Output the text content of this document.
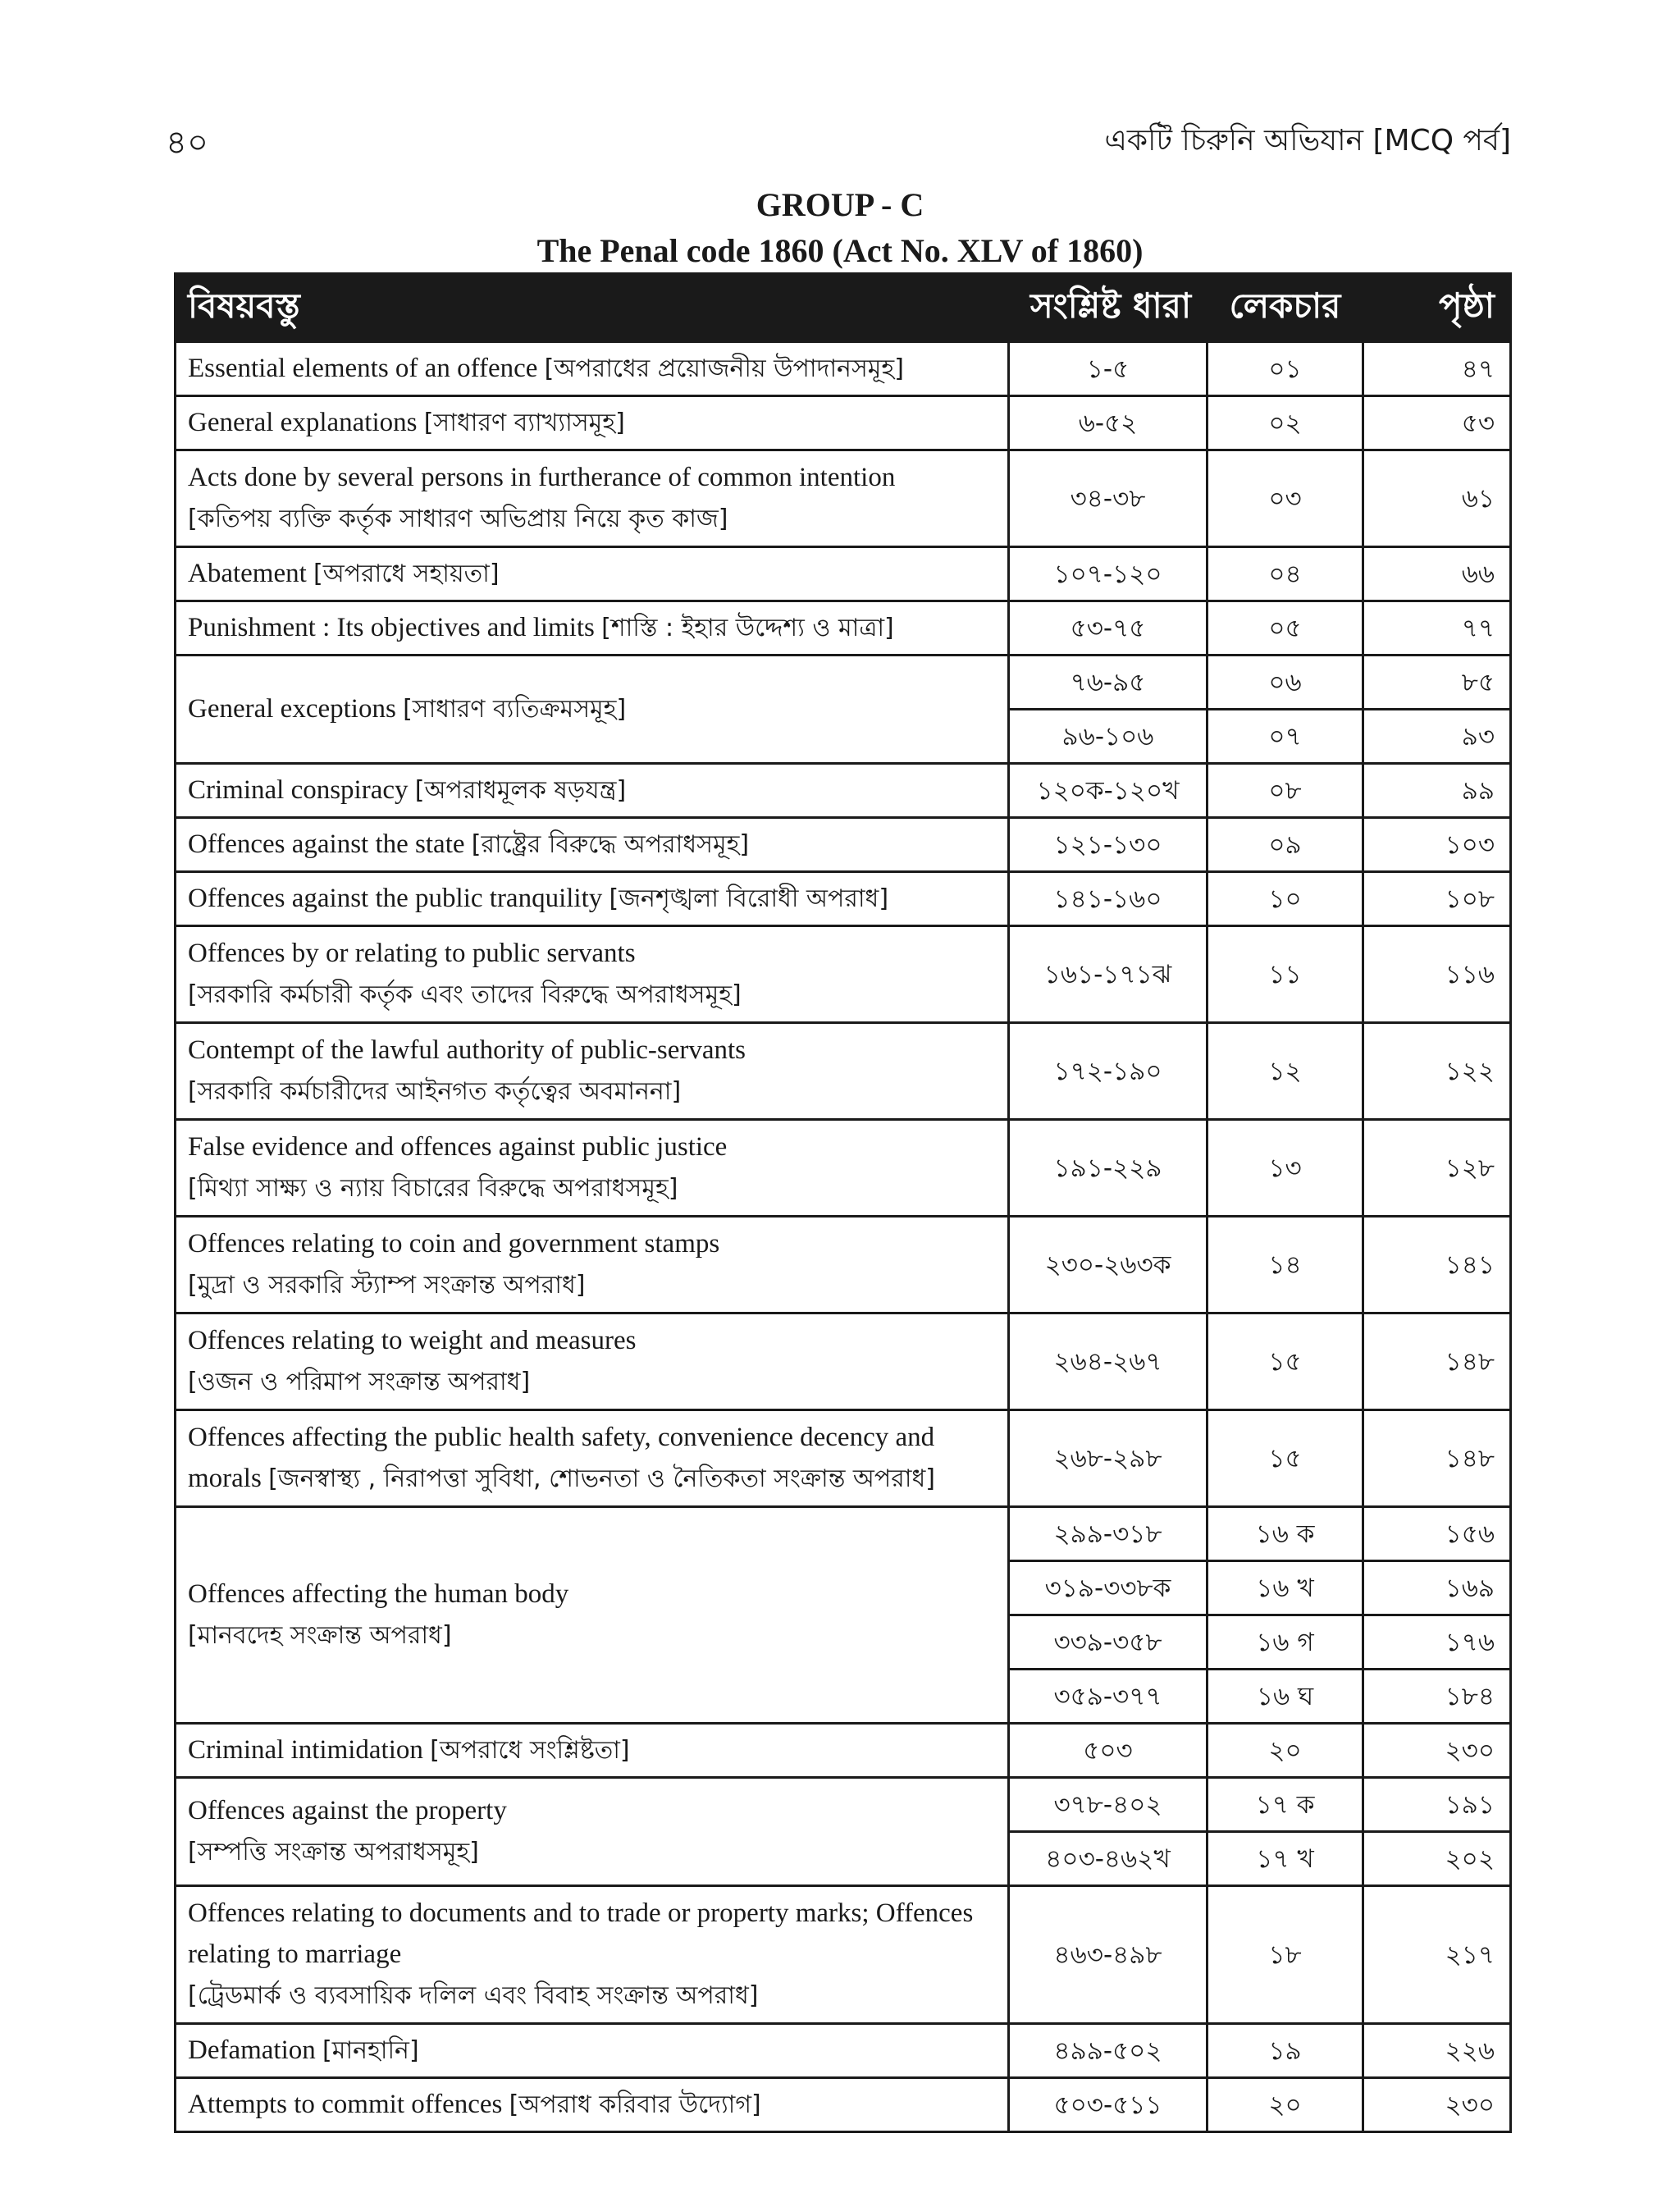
৪০	একটি চিরুনি অভিযান [MCQ পর্ব]
GROUP - C
The Penal code 1860 (Act No. XLV of 1860)
বিষয়বস্তু	সংশ্লিষ্ট ধারা	লেকচার	পৃষ্ঠা
Essential elements of an offence [অপরাধের প্রয়োজনীয় উপাদানসমূহ]	১-৫	০১	৪৭
General explanations [সাধারণ ব্যাখ্যাসমূহ]	৬-৫২	০২	৫৩

Acts done by several persons in furtherance of common intention
[কতিপয় ব্যক্তি কর্তৃক সাধারণ অভিপ্রায় নিয়ে কৃত কাজ]	৩৪-৩৮	০৩	৬১
Abatement [অপরাধে সহায়তা]	১০৭-১২০	০৪	৬৬
Punishment : Its objectives and limits [শাস্তি : ইহার উদ্দেশ্য ও মাত্রা]	৫৩-৭৫	০৫	৭৭
General exceptions [সাধারণ ব্যতিক্রমসমূহ]	৭৬-৯৫	০৬	৮৫
	৯৬-১০৬	০৭	৯৩
Criminal conspiracy [অপরাধমূলক ষড়যন্ত্র]	১২০ক-১২০খ	০৮	৯৯
Offences against the state [রাষ্ট্রের বিরুদ্ধে অপরাধসমূহ]	১২১-১৩০	০৯	১০৩
Offences against the public tranquility [জনশৃঙ্খলা বিরোধী অপরাধ]	১৪১-১৬০	১০	১০৮

Offences by or relating to public servants
[সরকারি কর্মচারী কর্তৃক এবং তাদের বিরুদ্ধে অপরাধসমূহ]	১৬১-১৭১ঝ	১১	১১৬

Contempt of the lawful authority of public-servants
[সরকারি কর্মচারীদের আইনগত কর্তৃত্বের অবমাননা]	১৭২-১৯০	১২	১২২

False evidence and offences against public justice
[মিথ্যা সাক্ষ্য ও ন্যায় বিচারের বিরুদ্ধে অপরাধসমূহ]	১৯১-২২৯	১৩	১২৮

Offences relating to coin and government stamps
[মুদ্রা ও সরকারি স্ট্যাম্প সংক্রান্ত অপরাধ]	২৩০-২৬৩ক	১৪	১৪১

Offences relating to weight and measures
[ওজন ও পরিমাপ সংক্রান্ত অপরাধ]	২৬৪-২৬৭	১৫	১৪৮

Offences affecting the public health safety, convenience decency and
morals [জনস্বাস্থ্য , নিরাপত্তা সুবিধা, শোভনতা ও নৈতিকতা সংক্রান্ত অপরাধ]	২৬৮-২৯৮	১৫	১৪৮

Offences affecting the human body
[মানবদেহ সংক্রান্ত অপরাধ]	২৯৯-৩১৮	১৬ ক	১৫৬
	৩১৯-৩৩৮ক	১৬ খ	১৬৯
	৩৩৯-৩৫৮	১৬ গ	১৭৬
	৩৫৯-৩৭৭	১৬ ঘ	১৮৪
Criminal intimidation [অপরাধে সংশ্লিষ্টতা]	৫০৩	২০	২৩০

Offences against the property
[সম্পত্তি সংক্রান্ত অপরাধসমূহ]	৩৭৮-৪০২	১৭ ক	১৯১
	৪০৩-৪৬২খ	১৭ খ	২০২

Offences relating to documents and to trade or property marks; Offences
relating to marriage
[ট্রেডমার্ক ও ব্যবসায়িক দলিল এবং বিবাহ সংক্রান্ত অপরাধ]	৪৬৩-৪৯৮	১৮	২১৭
Defamation [মানহানি]	৪৯৯-৫০২	১৯	২২৬
Attempts to commit offences [অপরাধ করিবার উদ্যোগ]	৫০৩-৫১১	২০	২৩০
